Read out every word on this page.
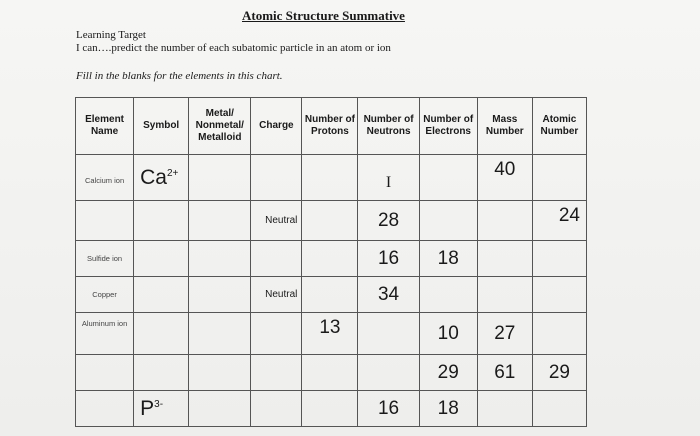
Atomic Structure Summative
Learning Target
I can….predict the number of each subatomic particle in an atom or ion
Fill in the blanks for the elements in this chart.
Element Name	Symbol	Metal/ Nonmetal/ Metalloid	Charge	Number of Protons	Number of Neutrons	Number of Electrons	Mass Number	Atomic Number
Calcium ion	$Ca^{2+}$				I		40	
			Neutral		28			24
Sulfide ion					16	18		
Copper			Neutral		34			
Aluminum ion				13		10	27	
						29	61	29
	$P^{3-}$				16	18		
